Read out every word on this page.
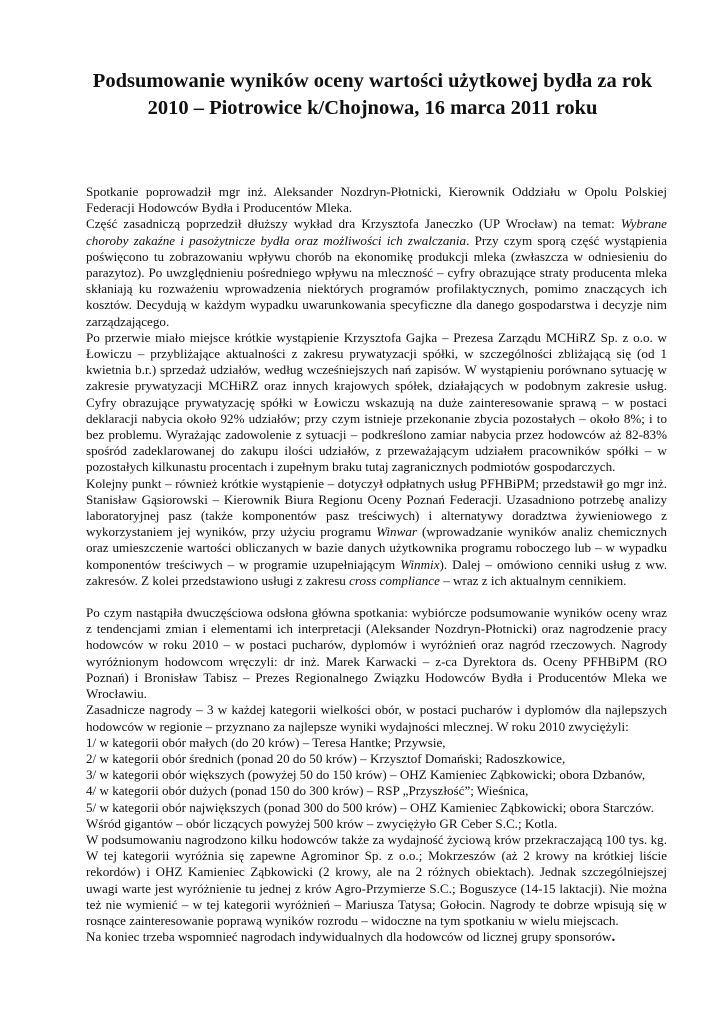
Podsumowanie wyników oceny wartości użytkowej bydła za rok 2010 – Piotrowice k/Chojnowa, 16 marca 2011 roku

Spotkanie poprowadził mgr inż. Aleksander Nozdryn-Płotnicki, Kierownik Oddziału w Opolu Polskiej Federacji Hodowców Bydła i Producentów Mleka.

Część zasadniczą poprzedził dłuższy wykład dra Krzysztofa Janeczko (UP Wrocław) na temat: Wybrane choroby zakaźne i pasożytnicze bydła oraz możliwości ich zwalczania. Przy czym sporą część wystąpienia poświęcono tu zobrazowaniu wpływu chorób na ekonomikę produkcji mleka (zwłaszcza w odniesieniu do parazytoz). Po uwzględnieniu pośredniego wpływu na mleczność – cyfry obrazujące straty producenta mleka skłaniają ku rozważeniu wprowadzenia niektórych programów profilaktycznych, pomimo znaczących ich kosztów. Decydują w każdym wypadku uwarunkowania specyficzne dla danego gospodarstwa i decyzje nim zarządzającego.

Po przerwie miało miejsce krótkie wystąpienie Krzysztofa Gajka – Prezesa Zarządu MCHiRZ Sp. z o.o. w Łowiczu – przybliżające aktualności z zakresu prywatyzacji spółki, w szczególności zbliżającą się (od 1 kwietnia b.r.) sprzedaż udziałów, według wcześniejszych nań zapisów. W wystąpieniu porównano sytuację w zakresie prywatyzacji MCHiRZ oraz innych krajowych spółek, działających w podobnym zakresie usług. Cyfry obrazujące prywatyzację spółki w Łowiczu wskazują na duże zainteresowanie sprawą – w postaci deklaracji nabycia około 92% udziałów; przy czym istnieje przekonanie zbycia pozostałych – około 8%; i to bez problemu. Wyrażając zadowolenie z sytuacji – podkreślono zamiar nabycia przez hodowców aż 82-83% spośród zadeklarowanej do zakupu ilości udziałów, z przeważającym udziałem pracowników spółki – w pozostałych kilkunastu procentach i zupełnym braku tutaj zagranicznych podmiotów gospodarczych.

Kolejny punkt – również krótkie wystąpienie – dotyczył odpłatnych usług PFHBiPM; przedstawił go mgr inż. Stanisław Gąsiorowski – Kierownik Biura Regionu Oceny Poznań Federacji. Uzasadniono potrzebę analizy laboratoryjnej pasz (także komponentów pasz treściwych) i alternatywy doradztwa żywieniowego z wykorzystaniem jej wyników, przy użyciu programu Winwar (wprowadzanie wyników analiz chemicznych oraz umieszczenie wartości obliczanych w bazie danych użytkownika programu roboczego lub – w wypadku komponentów treściwych – w programie uzupełniającym Winmix). Dalej – omówiono cenniki usług z ww. zakresów. Z kolei przedstawiono usługi z zakresu cross compliance – wraz z ich aktualnym cennikiem.

Po czym nastąpiła dwuczęściowa odsłona główna spotkania: wybiórcze podsumowanie wyników oceny wraz z tendencjami zmian i elementami ich interpretacji (Aleksander Nozdryn-Płotnicki) oraz nagrodzenie pracy hodowców w roku 2010 – w postaci pucharów, dyplomów i wyróżnień oraz nagród rzeczowych. Nagrody wyróżnionym hodowcom wręczyli: dr inż. Marek Karwacki – z-ca Dyrektora ds. Oceny PFHBiPM (RO Poznań) i Bronisław Tabisz – Prezes Regionalnego Związku Hodowców Bydła i Producentów Mleka we Wrocławiu.

Zasadnicze nagrody – 3 w każdej kategorii wielkości obór, w postaci pucharów i dyplomów dla najlepszych hodowców w regionie – przyznano za najlepsze wyniki wydajności mlecznej. W roku 2010 zwyciężyli:

1/ w kategorii obór małych (do 20 krów) – Teresa Hantke; Przywsie,

2/ w kategorii obór średnich (ponad 20 do 50 krów) – Krzysztof Domański; Radoszkowice,

3/ w kategorii obór większych (powyżej 50 do 150 krów) – OHZ Kamieniec Ząbkowicki; obora Dzbanów,

4/ w kategorii obór dużych (ponad 150 do 300 krów) – RSP „Przyszłość”; Wieśnica,

5/ w kategorii obór największych (ponad 300 do 500 krów) – OHZ Kamieniec Ząbkowicki; obora Starczów.

Wśród gigantów – obór liczących powyżej 500 krów – zwyciężyło GR Ceber S.C.; Kotla.

W podsumowaniu nagrodzono kilku hodowców także za wydajność życiową krów przekraczającą 100 tys. kg. W tej kategorii wyróżnia się zapewne Agrominor Sp. z o.o.; Mokrzeszów (aż 2 krowy na krótkiej liście rekordów) i OHZ Kamieniec Ząbkowicki (2 krowy, ale na 2 różnych obiektach). Jednak szczególniejszej uwagi warte jest wyróżnienie tu jednej z krów Agro-Przymierze S.C.; Boguszyce (14-15 laktacji). Nie można też nie wymienić – w tej kategorii wyróżnień – Mariusza Tatysa; Gołocin. Nagrody te dobrze wpisują się w rosnące zainteresowanie poprawą wyników rozrodu – widoczne na tym spotkaniu w wielu miejscach.

Na koniec trzeba wspomnieć nagrodach indywidualnych dla hodowców od licznej grupy sponsorów.
